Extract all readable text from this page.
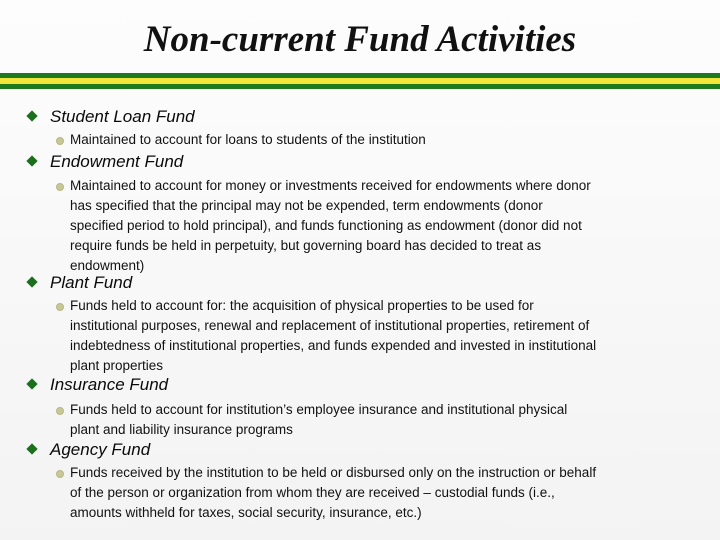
Non-current Fund Activities
Student Loan Fund
Maintained to account for loans to students of the institution
Endowment Fund
Maintained to account for money or investments received for endowments where donor
has specified that the principal may not be expended, term endowments (donor
specified period to hold principal), and funds functioning as endowment (donor did not
require funds be held in perpetuity, but governing board has decided to treat as
endowment)
Plant Fund
Funds held to account for: the acquisition of physical properties to be used for
institutional purposes, renewal and replacement of institutional properties, retirement of
indebtedness of institutional properties, and funds expended and invested in institutional
plant properties
Insurance Fund
Funds held to account for institution’s employee insurance and institutional physical
plant and liability insurance programs
Agency Fund
Funds received by the institution to be held or disbursed only on the instruction or behalf
of the person or organization from whom they are received – custodial funds (i.e.,
amounts withheld for taxes, social security, insurance, etc.)
